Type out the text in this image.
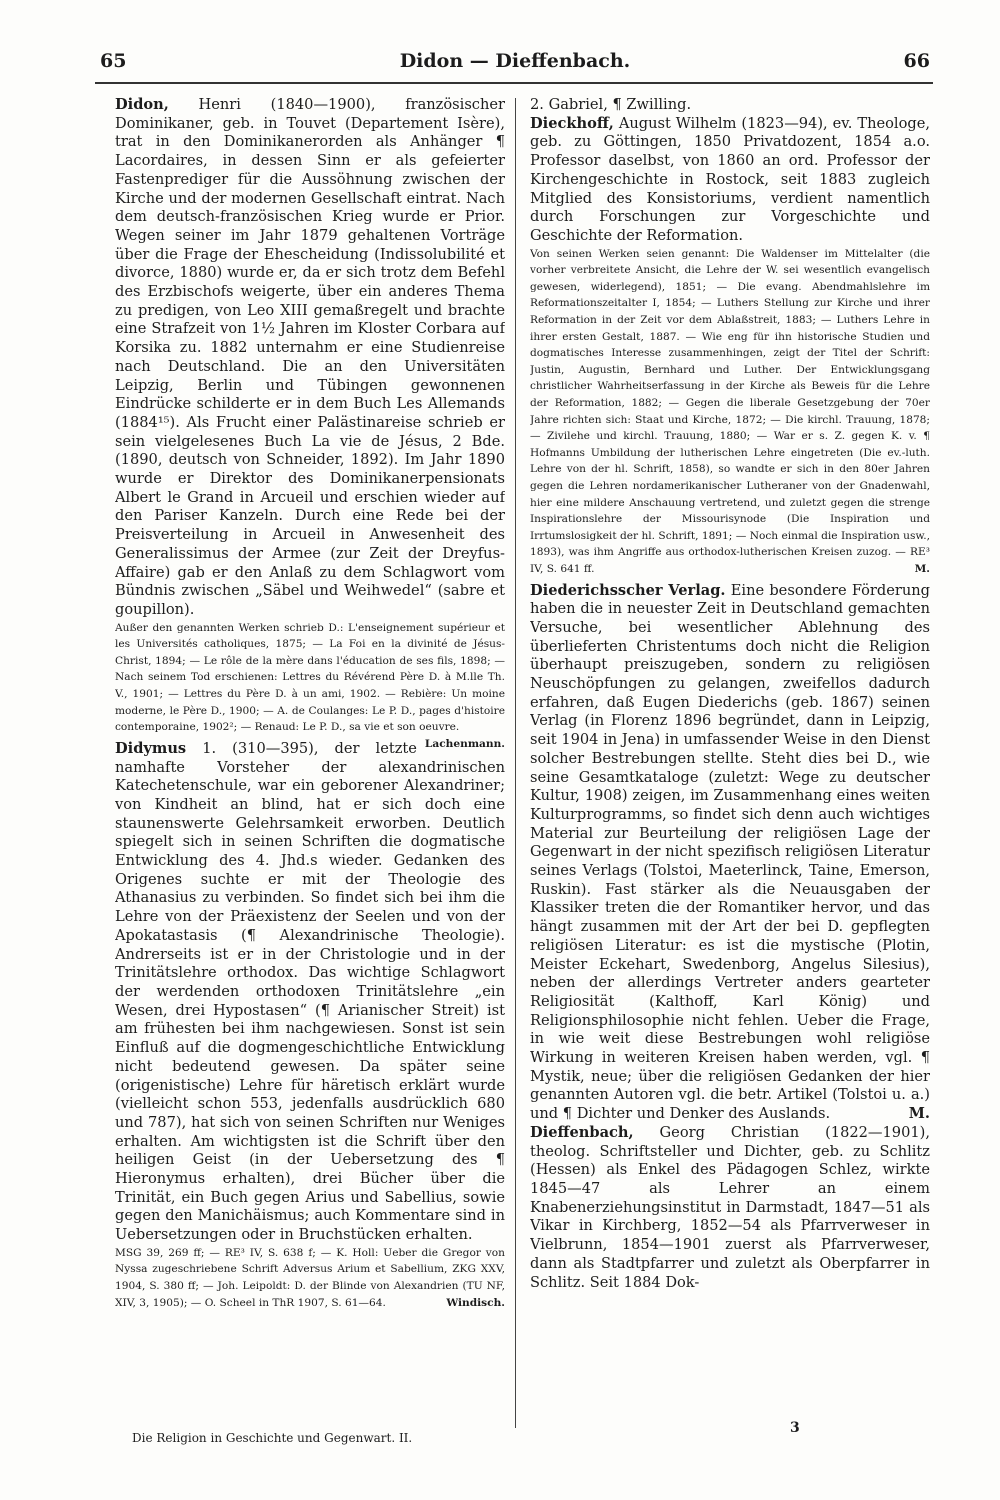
65	Didon — Dieffenbach.	66

Didon, Henri (1840—1900), französischer Dominikaner, geb. in Touvet (Departement Isère), trat in den Dominikanerorden als Anhänger ¶ Lacordaires, in dessen Sinn er als gefeierter Fastenprediger für die Aussöhnung zwischen der Kirche und der modernen Gesellschaft eintrat. Nach dem deutsch-französischen Krieg wurde er Prior. Wegen seiner im Jahr 1879 gehaltenen Vorträge über die Frage der Ehescheidung (Indissolubilité et divorce, 1880) wurde er, da er sich trotz dem Befehl des Erzbischofs weigerte, über ein anderes Thema zu predigen, von Leo XIII gemaßregelt und brachte eine Strafzeit von 1½ Jahren im Kloster Corbara auf Korsika zu. 1882 unternahm er eine Studienreise nach Deutschland. Die an den Universitäten Leipzig, Berlin und Tübingen gewonnenen Eindrücke schilderte er in dem Buch Les Allemands (1884¹⁵). Als Frucht einer Palästinareise schrieb er sein vielgelesenes Buch La vie de Jésus, 2 Bde. (1890, deutsch von Schneider, 1892). Im Jahr 1890 wurde er Direktor des Dominikanerpensionats Albert le Grand in Arcueil und erschien wieder auf den Pariser Kanzeln. Durch eine Rede bei der Preisverteilung in Arcueil in Anwesenheit des Generalissimus der Armee (zur Zeit der Dreyfus-Affaire) gab er den Anlaß zu dem Schlagwort vom Bündnis zwischen „Säbel und Weihwedel“ (sabre et goupillon).

Außer den genannten Werken schrieb D.: L'enseignement supérieur et les Universités catholiques, 1875; — La Foi en la divinité de Jésus-Christ, 1894; — Le rôle de la mère dans l'éducation de ses fils, 1898; — Nach seinem Tod erschienen: Lettres du Révérend Père D. à M.lle Th. V., 1901; — Lettres du Père D. à un ami, 1902. — Rebière: Un moine moderne, le Père D., 1900; — A. de Coulanges: Le P. D., pages d'histoire contemporaine, 1902²; — Renaud: Le P. D., sa vie et son oeuvre.
Lachenmann.

Didymus 1. (310—395), der letzte namhafte Vorsteher der alexandrinischen Katechetenschule, war ein geborener Alexandriner; von Kindheit an blind, hat er sich doch eine staunenswerte Gelehrsamkeit erworben. Deutlich spiegelt sich in seinen Schriften die dogmatische Entwicklung des 4. Jhd.s wieder. Gedanken des Origenes suchte er mit der Theologie des Athanasius zu verbinden. So findet sich bei ihm die Lehre von der Präexistenz der Seelen und von der Apokatastasis (¶ Alexandrinische Theologie). Andrerseits ist er in der Christologie und in der Trinitätslehre orthodox. Das wichtige Schlagwort der werdenden orthodoxen Trinitätslehre „ein Wesen, drei Hypostasen“ (¶ Arianischer Streit) ist am frühesten bei ihm nachgewiesen. Sonst ist sein Einfluß auf die dogmengeschichtliche Entwicklung nicht bedeutend gewesen. Da später seine (origenistische) Lehre für häretisch erklärt wurde (vielleicht schon 553, jedenfalls ausdrücklich 680 und 787), hat sich von seinen Schriften nur Weniges erhalten. Am wichtigsten ist die Schrift über den heiligen Geist (in der Uebersetzung des ¶ Hieronymus erhalten), drei Bücher über die Trinität, ein Buch gegen Arius und Sabellius, sowie gegen den Manichäismus; auch Kommentare sind in Uebersetzungen oder in Bruchstücken erhalten.

MSG 39, 269 ff; — RE³ IV, S. 638 f; — K. Holl: Ueber die Gregor von Nyssa zugeschriebene Schrift Adversus Arium et Sabellium, ZKG XXV, 1904, S. 380 ff; — Joh. Leipoldt: D. der Blinde von Alexandrien (TU NF, XIV, 3, 1905); — O. Scheel in ThR 1907, S. 61—64.	Windisch.

2. Gabriel, ¶ Zwilling.

Dieckhoff, August Wilhelm (1823—94), ev. Theologe, geb. zu Göttingen, 1850 Privatdozent, 1854 a.o. Professor daselbst, von 1860 an ord. Professor der Kirchengeschichte in Rostock, seit 1883 zugleich Mitglied des Konsistoriums, verdient namentlich durch Forschungen zur Vorgeschichte und Geschichte der Reformation.

Von seinen Werken seien genannt: Die Waldenser im Mittelalter (die vorher verbreitete Ansicht, die Lehre der W. sei wesentlich evangelisch gewesen, widerlegend), 1851; — Die evang. Abendmahlslehre im Reformationszeitalter I, 1854; — Luthers Stellung zur Kirche und ihrer Reformation in der Zeit vor dem Ablaßstreit, 1883; — Luthers Lehre in ihrer ersten Gestalt, 1887. — Wie eng für ihn historische Studien und dogmatisches Interesse zusammenhingen, zeigt der Titel der Schrift: Justin, Augustin, Bernhard und Luther. Der Entwicklungsgang christlicher Wahrheitserfassung in der Kirche als Beweis für die Lehre der Reformation, 1882; — Gegen die liberale Gesetzgebung der 70er Jahre richten sich: Staat und Kirche, 1872; — Die kirchl. Trauung, 1878; — Zivilehe und kirchl. Trauung, 1880; — War er s. Z. gegen K. v. ¶ Hofmanns Umbildung der lutherischen Lehre eingetreten (Die ev.-luth. Lehre von der hl. Schrift, 1858), so wandte er sich in den 80er Jahren gegen die Lehren nordamerikanischer Lutheraner von der Gnadenwahl, hier eine mildere Anschauung vertretend, und zuletzt gegen die strenge Inspirationslehre der Missourisynode (Die Inspiration und Irrtumslosigkeit der hl. Schrift, 1891; — Noch einmal die Inspiration usw., 1893), was ihm Angriffe aus orthodox-lutherischen Kreisen zuzog. — RE³ IV, S. 641 ff.	M.

Diederichsscher Verlag. Eine besondere Förderung haben die in neuester Zeit in Deutschland gemachten Versuche, bei wesentlicher Ablehnung des überlieferten Christentums doch nicht die Religion überhaupt preiszugeben, sondern zu religiösen Neuschöpfungen zu gelangen, zweifellos dadurch erfahren, daß Eugen Diederichs (geb. 1867) seinen Verlag (in Florenz 1896 begründet, dann in Leipzig, seit 1904 in Jena) in umfassender Weise in den Dienst solcher Bestrebungen stellte. Steht dies bei D., wie seine Gesamtkataloge (zuletzt: Wege zu deutscher Kultur, 1908) zeigen, im Zusammenhang eines weiten Kulturprogramms, so findet sich denn auch wichtiges Material zur Beurteilung der religiösen Lage der Gegenwart in der nicht spezifisch religiösen Literatur seines Verlags (Tolstoi, Maeterlinck, Taine, Emerson, Ruskin). Fast stärker als die Neuausgaben der Klassiker treten die der Romantiker hervor, und das hängt zusammen mit der Art der bei D. gepflegten religiösen Literatur: es ist die mystische (Plotin, Meister Eckehart, Swedenborg, Angelus Silesius), neben der allerdings Vertreter anders gearteter Religiosität (Kalthoff, Karl König) und Religionsphilosophie nicht fehlen. Ueber die Frage, in wie weit diese Bestrebungen wohl religiöse Wirkung in weiteren Kreisen haben werden, vgl. ¶ Mystik, neue; über die religiösen Gedanken der hier genannten Autoren vgl. die betr. Artikel (Tolstoi u. a.) und ¶ Dichter und Denker des Auslands.	M.

Dieffenbach, Georg Christian (1822—1901), theolog. Schriftsteller und Dichter, geb. zu Schlitz (Hessen) als Enkel des Pädagogen Schlez, wirkte 1845—47 als Lehrer an einem Knabenerziehungsinstitut in Darmstadt, 1847—51 als Vikar in Kirchberg, 1852—54 als Pfarrverweser in Vielbrunn, 1854—1901 zuerst als Pfarrverweser, dann als Stadtpfarrer und zuletzt als Oberpfarrer in Schlitz. Seit 1884 Dok-

Die Religion in Geschichte und Gegenwart. II.
3
